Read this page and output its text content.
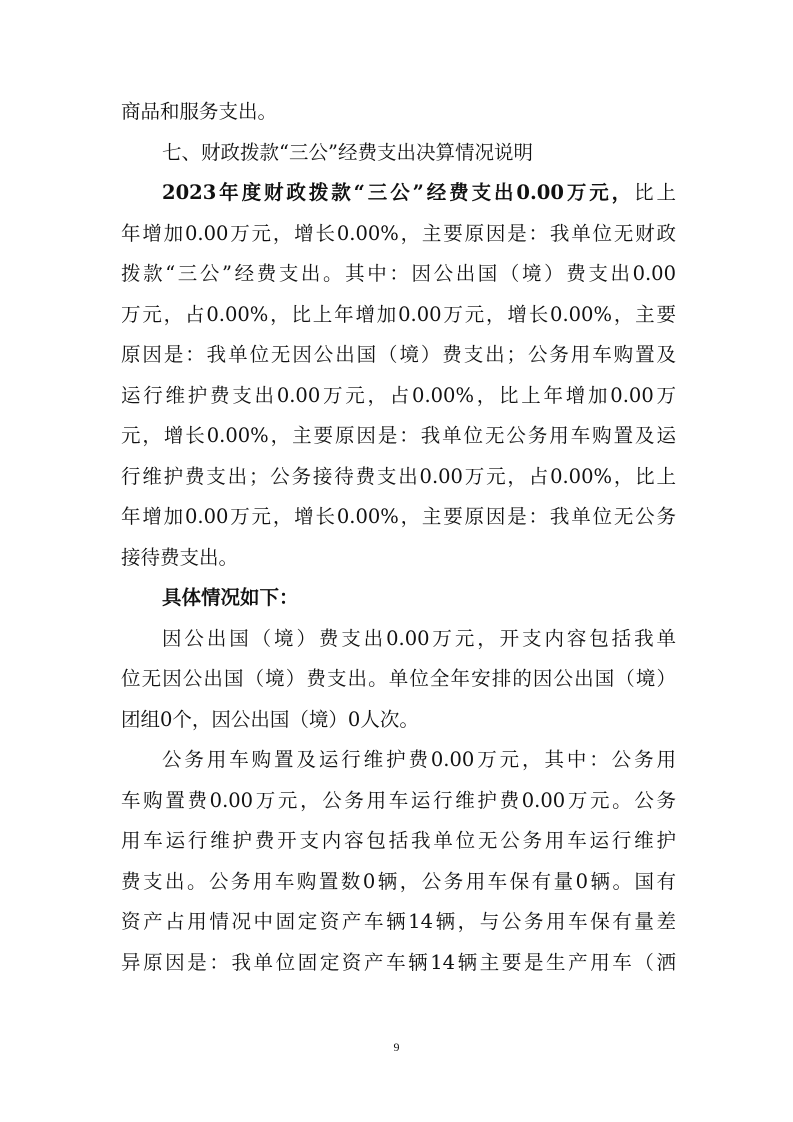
商品和服务支出。
七、财政拨款“三公”经费支出决算情况说明
2023年度财政拨款“三公”经费支出0.00万元，比上
年增加0.00万元，增长0.00%，主要原因是：我单位无财政
拨款“三公”经费支出。其中：因公出国（境）费支出0.00
万元，占0.00%，比上年增加0.00万元，增长0.00%，主要
原因是：我单位无因公出国（境）费支出；公务用车购置及
运行维护费支出0.00万元，占0.00%，比上年增加0.00万
元，增长0.00%，主要原因是：我单位无公务用车购置及运
行维护费支出；公务接待费支出0.00万元，占0.00%，比上
年增加0.00万元，增长0.00%，主要原因是：我单位无公务
接待费支出。
具体情况如下：
因公出国（境）费支出0.00万元，开支内容包括我单
位无因公出国（境）费支出。单位全年安排的因公出国（境）
团组0个，因公出国（境）0人次。
公务用车购置及运行维护费0.00万元，其中：公务用
车购置费0.00万元，公务用车运行维护费0.00万元。公务
用车运行维护费开支内容包括我单位无公务用车运行维护
费支出。公务用车购置数0辆，公务用车保有量0辆。国有
资产占用情况中固定资产车辆14辆，与公务用车保有量差
异原因是：我单位固定资产车辆14辆主要是生产用车（洒
9
